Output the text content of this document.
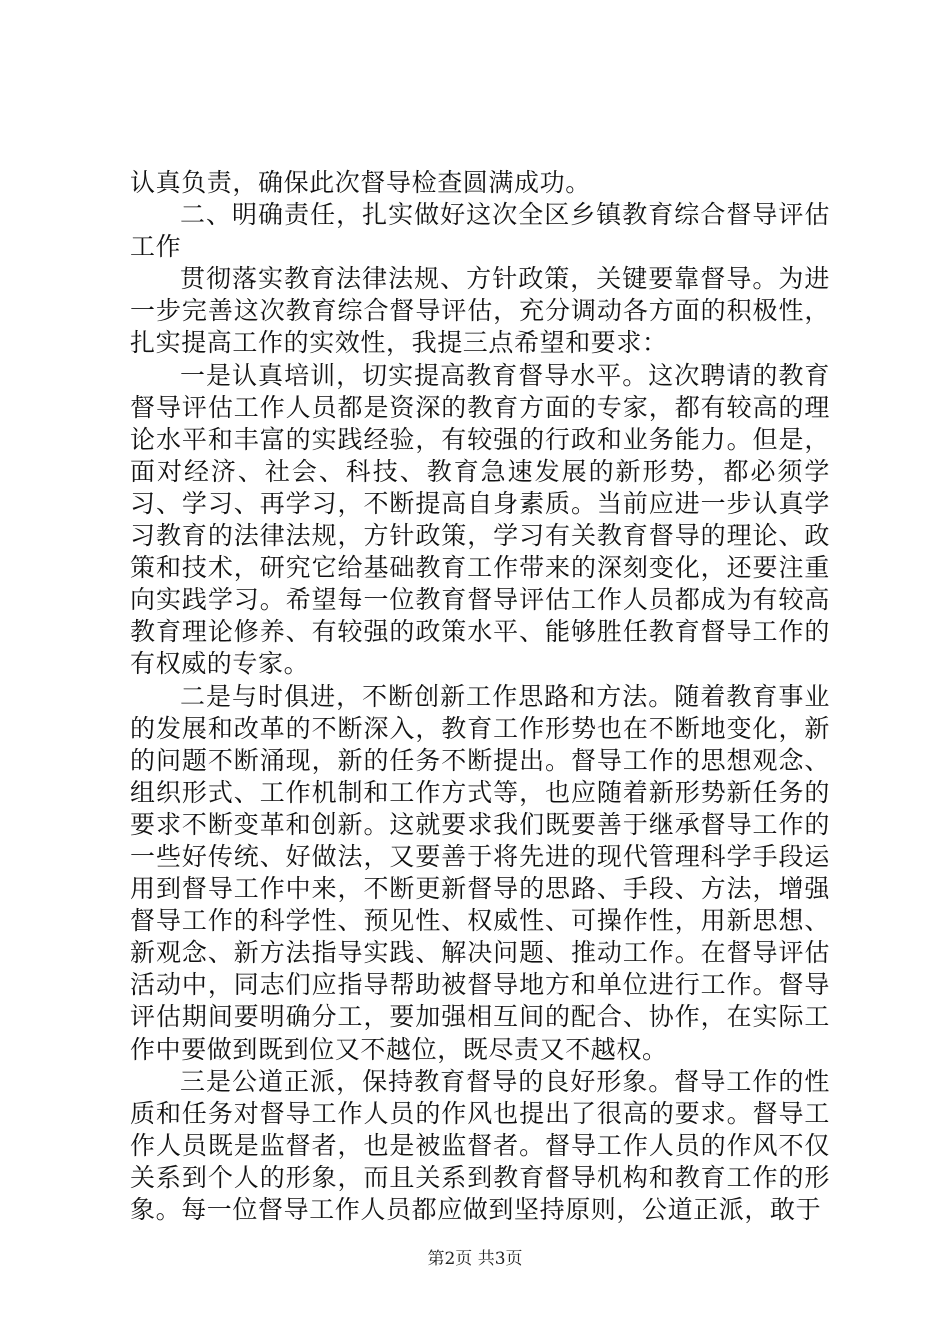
认真负责，确保此次督导检查圆满成功。

二、明确责任，扎实做好这次全区乡镇教育综合督导评估工作

贯彻落实教育法律法规、方针政策，关键要靠督导。为进一步完善这次教育综合督导评估，充分调动各方面的积极性，扎实提高工作的实效性，我提三点希望和要求：

一是认真培训，切实提高教育督导水平。这次聘请的教育督导评估工作人员都是资深的教育方面的专家，都有较高的理论水平和丰富的实践经验，有较强的行政和业务能力。但是，面对经济、社会、科技、教育急速发展的新形势，都必须学习、学习、再学习，不断提高自身素质。当前应进一步认真学习教育的法律法规，方针政策，学习有关教育督导的理论、政策和技术，研究它给基础教育工作带来的深刻变化，还要注重向实践学习。希望每一位教育督导评估工作人员都成为有较高教育理论修养、有较强的政策水平、能够胜任教育督导工作的有权威的专家。

二是与时俱进，不断创新工作思路和方法。随着教育事业的发展和改革的不断深入，教育工作形势也在不断地变化，新的问题不断涌现，新的任务不断提出。督导工作的思想观念、组织形式、工作机制和工作方式等，也应随着新形势新任务的要求不断变革和创新。这就要求我们既要善于继承督导工作的一些好传统、好做法，又要善于将先进的现代管理科学手段运用到督导工作中来，不断更新督导的思路、手段、方法，增强督导工作的科学性、预见性、权威性、可操作性，用新思想、新观念、新方法指导实践、解决问题、推动工作。在督导评估活动中，同志们应指导帮助被督导地方和单位进行工作。督导评估期间要明确分工，要加强相互间的配合、协作，在实际工作中要做到既到位又不越位，既尽责又不越权。

三是公道正派，保持教育督导的良好形象。督导工作的性质和任务对督导工作人员的作风也提出了很高的要求。督导工作人员既是监督者，也是被监督者。督导工作人员的作风不仅关系到个人的形象，而且关系到教育督导机构和教育工作的形象。每一位督导工作人员都应做到坚持原则，公道正派，敢于

第2页 共3页
